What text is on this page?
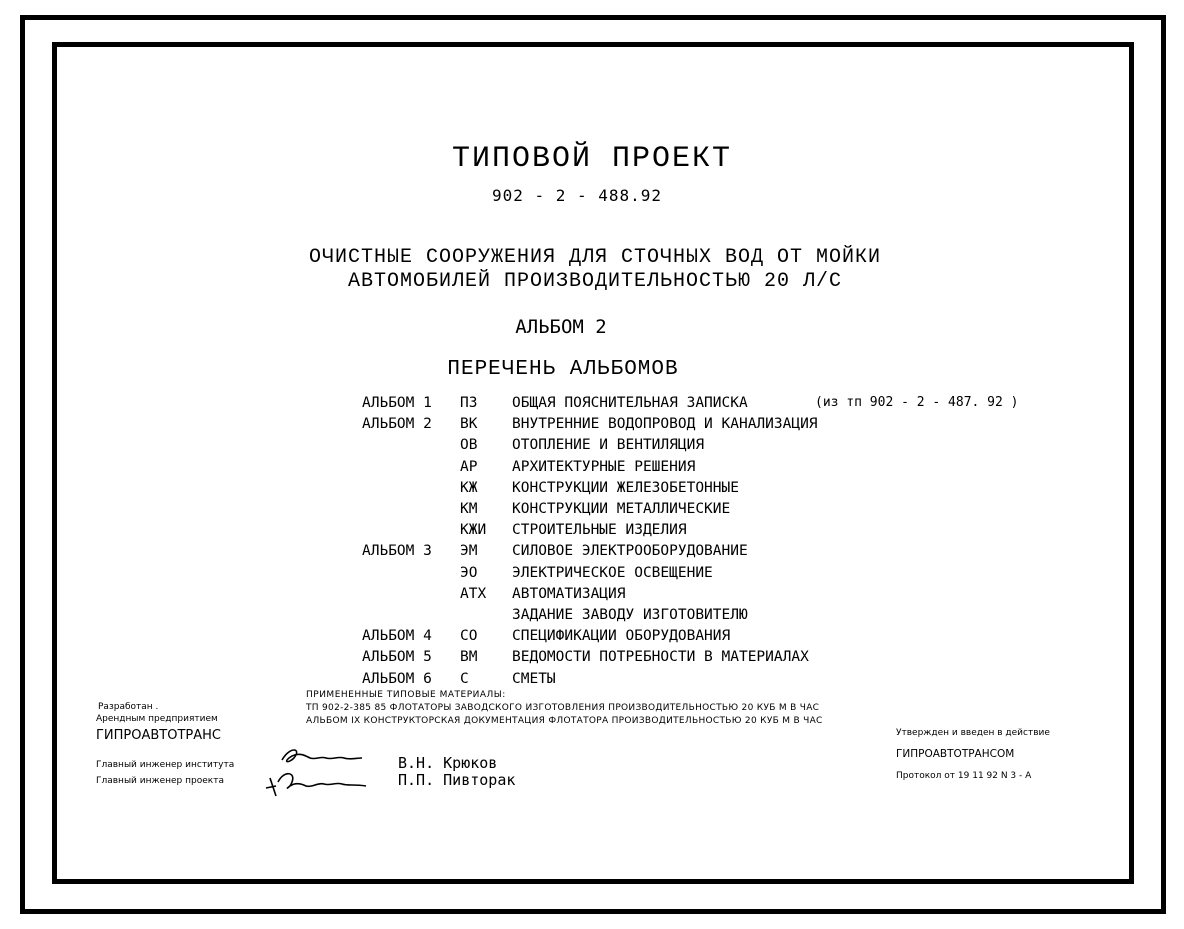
ТИПОВОЙ ПРОЕКТ
902 - 2 - 488.92
ОЧИСТНЫЕ СООРУЖЕНИЯ ДЛЯ СТОЧНЫХ ВОД ОТ МОЙКИ
АВТОМОБИЛЕЙ ПРОИЗВОДИТЕЛЬНОСТЬЮ 20 Л/С
АЛЬБОМ 2
ПЕРЕЧЕНЬ АЛЬБОМОВ
АЛЬБОМ 1 ПЗ ОБЩАЯ ПОЯСНИТЕЛЬНАЯ ЗАПИСКА	(из тп 902 - 2 - 487. 92 )
АЛЬБОМ 2 ВК ВНУТРЕННИЕ ВОДОПРОВОД И КАНАЛИЗАЦИЯ
ОВ ОТОПЛЕНИЕ И ВЕНТИЛЯЦИЯ
АР АРХИТЕКТУРНЫЕ РЕШЕНИЯ
КЖ КОНСТРУКЦИИ ЖЕЛЕЗОБЕТОННЫЕ
КМ КОНСТРУКЦИИ МЕТАЛЛИЧЕСКИЕ
КЖИ СТРОИТЕЛЬНЫЕ ИЗДЕЛИЯ
АЛЬБОМ 3 ЭМ СИЛОВОЕ ЭЛЕКТРООБОРУДОВАНИЕ
ЭО ЭЛЕКТРИЧЕСКОЕ ОСВЕЩЕНИЕ
АТХ АВТОМАТИЗАЦИЯ
ЗАДАНИЕ ЗАВОДУ ИЗГОТОВИТЕЛЮ
АЛЬБОМ 4 СО СПЕЦИФИКАЦИИ ОБОРУДОВАНИЯ
АЛЬБОМ 5 ВМ ВЕДОМОСТИ ПОТРЕБНОСТИ В МАТЕРИАЛАХ
АЛЬБОМ 6 С	СМЕТЫ
ПРИМЕНЕННЫЕ ТИПОВЫЕ МАТЕРИАЛЫ:
ТП 902-2-385 85 ФЛОТАТОРЫ ЗАВОДСКОГО ИЗГОТОВЛЕНИЯ ПРОИЗВОДИТЕЛЬНОСТЬЮ 20 КУБ М В ЧАС
АЛЬБОМ IX КОНСТРУКТОРСКАЯ ДОКУМЕНТАЦИЯ ФЛОТАТОРА ПРОИЗВОДИТЕЛЬНОСТЬЮ 20 КУБ М В ЧАС
Разработан .
Арендным предприятием
ГИПРОАВТОТРАНС
Главный инженер института
Главный инженер проекта
В.Н. Крюков
П.П. Пивторак
Утвержден и введен в действие
ГИПРОАВТОТРАНСОМ
Протокол от 19 11 92 N 3 - А
